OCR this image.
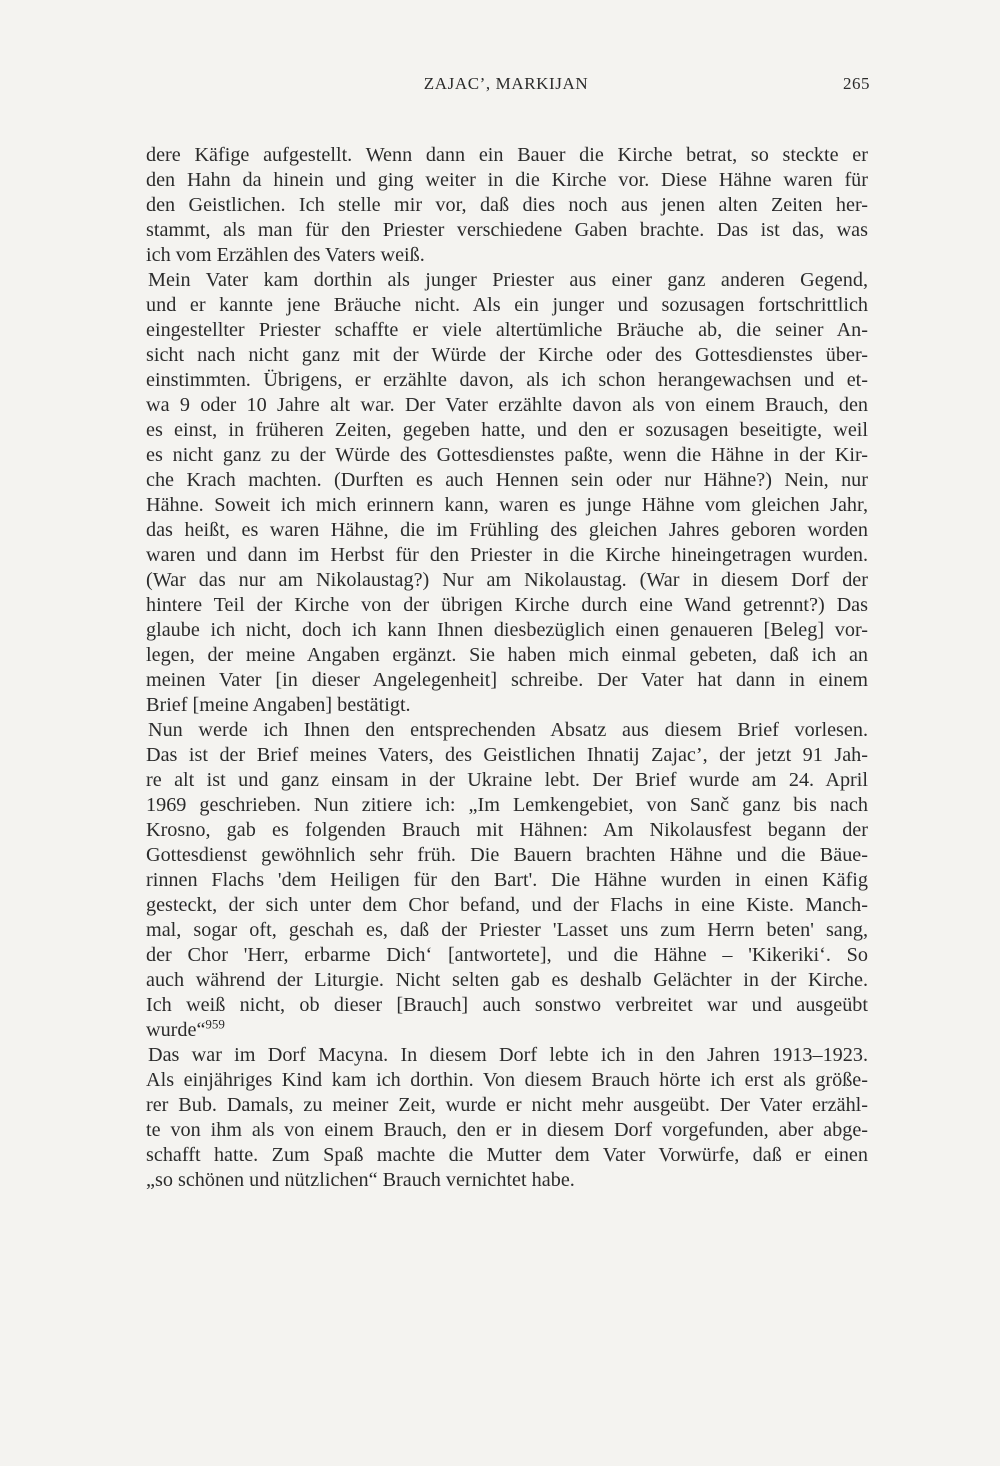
ZAJAC’, MARKIJAN	265
dere Käfige aufgestellt. Wenn dann ein Bauer die Kirche betrat, so steckte er
den Hahn da hinein und ging weiter in die Kirche vor. Diese Hähne waren für
den Geistlichen. Ich stelle mir vor, daß dies noch aus jenen alten Zeiten her-
stammt, als man für den Priester verschiedene Gaben brachte. Das ist das, was
ich vom Erzählen des Vaters weiß.
Mein Vater kam dorthin als junger Priester aus einer ganz anderen Gegend,
und er kannte jene Bräuche nicht. Als ein junger und sozusagen fortschrittlich
eingestellter Priester schaffte er viele altertümliche Bräuche ab, die seiner An-
sicht nach nicht ganz mit der Würde der Kirche oder des Gottesdienstes über-
einstimmten. Übrigens, er erzählte davon, als ich schon herangewachsen und et-
wa 9 oder 10 Jahre alt war. Der Vater erzählte davon als von einem Brauch, den
es einst, in früheren Zeiten, gegeben hatte, und den er sozusagen beseitigte, weil
es nicht ganz zu der Würde des Gottesdienstes paßte, wenn die Hähne in der Kir-
che Krach machten. (Durften es auch Hennen sein oder nur Hähne?) Nein, nur
Hähne. Soweit ich mich erinnern kann, waren es junge Hähne vom gleichen Jahr,
das heißt, es waren Hähne, die im Frühling des gleichen Jahres geboren worden
waren und dann im Herbst für den Priester in die Kirche hineingetragen wurden.
(War das nur am Nikolaustag?) Nur am Nikolaustag. (War in diesem Dorf der
hintere Teil der Kirche von der übrigen Kirche durch eine Wand getrennt?) Das
glaube ich nicht, doch ich kann Ihnen diesbezüglich einen genaueren [Beleg] vor-
legen, der meine Angaben ergänzt. Sie haben mich einmal gebeten, daß ich an
meinen Vater [in dieser Angelegenheit] schreibe. Der Vater hat dann in einem
Brief [meine Angaben] bestätigt.
Nun werde ich Ihnen den entsprechenden Absatz aus diesem Brief vorlesen.
Das ist der Brief meines Vaters, des Geistlichen Ihnatij Zajac’, der jetzt 91 Jah-
re alt ist und ganz einsam in der Ukraine lebt. Der Brief wurde am 24. April
1969 geschrieben. Nun zitiere ich: „Im Lemkengebiet, von Sanč ganz bis nach
Krosno, gab es folgenden Brauch mit Hähnen: Am Nikolausfest begann der
Gottesdienst gewöhnlich sehr früh. Die Bauern brachten Hähne und die Bäue-
rinnen Flachs 'dem Heiligen für den Bart'. Die Hähne wurden in einen Käfig
gesteckt, der sich unter dem Chor befand, und der Flachs in eine Kiste. Manch-
mal, sogar oft, geschah es, daß der Priester 'Lasset uns zum Herrn beten' sang,
der Chor 'Herr, erbarme Dich‘ [antwortete], und die Hähne – 'Kikeriki‘. So
auch während der Liturgie. Nicht selten gab es deshalb Gelächter in der Kirche.
Ich weiß nicht, ob dieser [Brauch] auch sonstwo verbreitet war und ausgeübt
wurde“$^{959}$
Das war im Dorf Macyna. In diesem Dorf lebte ich in den Jahren 1913–1923.
Als einjähriges Kind kam ich dorthin. Von diesem Brauch hörte ich erst als größe-
rer Bub. Damals, zu meiner Zeit, wurde er nicht mehr ausgeübt. Der Vater erzähl-
te von ihm als von einem Brauch, den er in diesem Dorf vorgefunden, aber abge-
schafft hatte. Zum Spaß machte die Mutter dem Vater Vorwürfe, daß er einen
„so schönen und nützlichen“ Brauch vernichtet habe.
